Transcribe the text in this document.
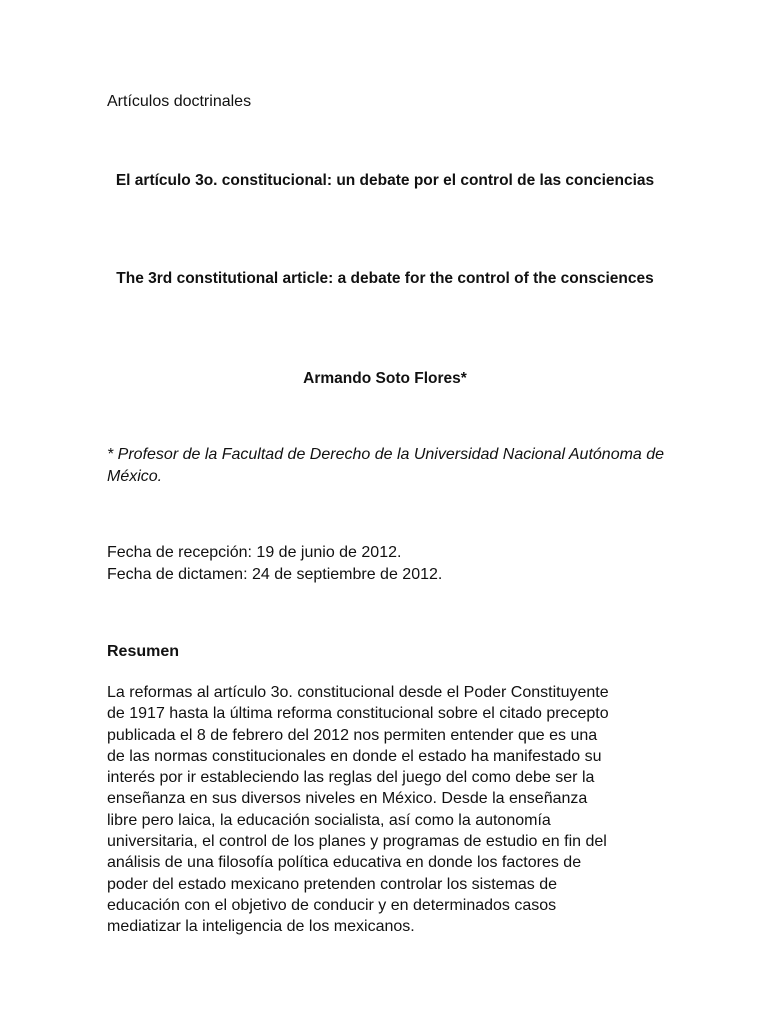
Artículos doctrinales

El artículo 3o. constitucional: un debate por el control de las conciencias

The 3rd constitutional article: a debate for the control of the consciences

Armando Soto Flores*

* Profesor de la Facultad de Derecho de la Universidad Nacional Autónoma de México.

Fecha de recepción: 19 de junio de 2012.
Fecha de dictamen: 24 de septiembre de 2012.

Resumen

La reformas al artículo 3o. constitucional desde el Poder Constituyente
de 1917 hasta la última reforma constitucional sobre el citado precepto
publicada el 8 de febrero del 2012 nos permiten entender que es una
de las normas constitucionales en donde el estado ha manifestado su
interés por ir estableciendo las reglas del juego del como debe ser la
enseñanza en sus diversos niveles en México. Desde la enseñanza
libre pero laica, la educación socialista, así como la autonomía
universitaria, el control de los planes y programas de estudio en fin del
análisis de una filosofía política educativa en donde los factores de
poder del estado mexicano pretenden controlar los sistemas de
educación con el objetivo de conducir y en determinados casos
mediatizar la inteligencia de los mexicanos.
